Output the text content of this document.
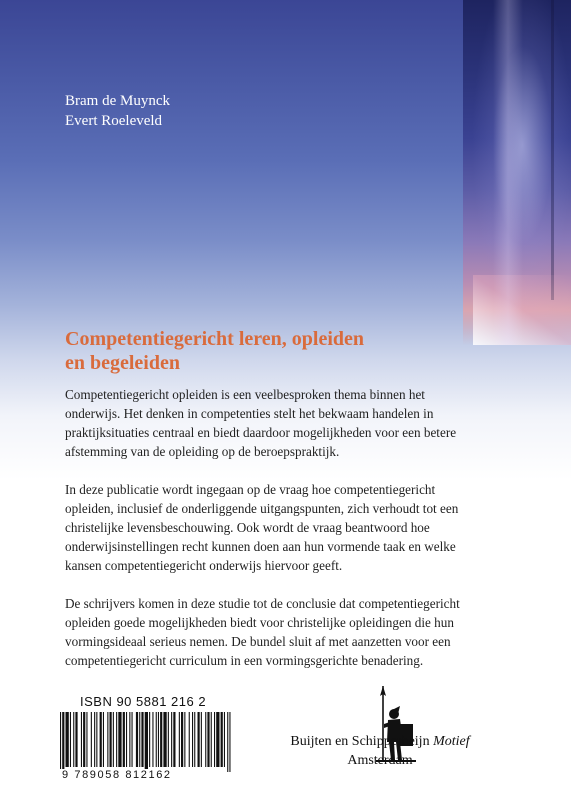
Bram de Muynck
Evert Roeleveld
Competentiegericht leren, opleiden
en begeleiden

Competentiegericht opleiden is een veelbesproken thema binnen het onderwijs. Het denken in competenties stelt het bekwaam handelen in praktijksituaties centraal en biedt daardoor mogelijkheden voor een betere afstemming van de opleiding op de beroepspraktijk.

In deze publicatie wordt ingegaan op de vraag hoe competentiegericht opleiden, inclusief de onderliggende uitgangspunten, zich verhoudt tot een christelijke levensbeschouwing. Ook wordt de vraag beantwoord hoe onderwijsinstellingen recht kunnen doen aan hun vormende taak en welke kansen competentiegericht onderwijs hiervoor geeft.

De schrijvers komen in deze studie tot de conclusie dat competentiegericht opleiden goede mogelijkheden biedt voor christelijke opleidingen die hun vormingsideaal serieus nemen. De bundel sluit af met aanzetten voor een competentiegericht curriculum in een vormingsgerichte benadering.

ISBN 90 5881 216 2
9 789058 812162
Buijten en Schipperheijn Motief
Amsterdam
